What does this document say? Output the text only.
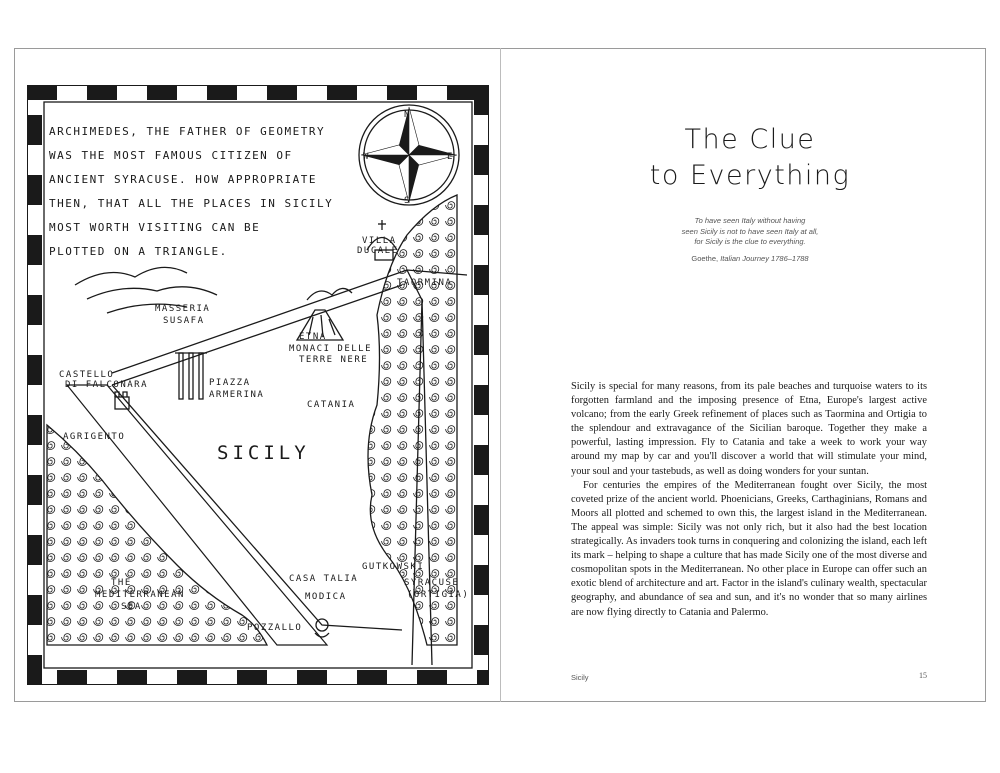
ARCHIMEDES, THE FATHER OF GEOMETRY
WAS THE MOST FAMOUS CITIZEN OF
ANCIENT SYRACUSE. HOW APPROPRIATE
THEN, THAT ALL THE PLACES IN SICILY
MOST WORTH VISITING CAN BE
PLOTTED ON A TRIANGLE.
N
S
E
W
VILLA
DUCALE
TAORMINA
MASSERIA
SUSAFA
ETNA
MONACI DELLE
TERRE NERE
CASTELLO
DI FALCONARA	PIAZZA
ARMERINA
CATANIA
AGRIGENTO
SICILY
THE
MEDITERRANEAN
SEA
CASA TALIA
GUTKOWSKI
SYRACUSE
(ORTIGIA)
MODICA
POZZALLO
The Clue
to Everything
To have seen Italy without having
seen Sicily is not to have seen Italy at all,
for Sicily is the clue to everything.
Goethe, Italian Journey 1786–1788

Sicily is special for many reasons, from its pale beaches and turquoise waters to its forgotten farmland and the imposing presence of Etna, Europe's largest active volcano; from the early Greek refinement of places such as Taormina and Ortigia to the splendour and extravagance of the Sicilian baroque. Together they make a powerful, lasting impression. Fly to Catania and take a week to work your way around my map by car and you'll discover a world that will stimulate your mind, your soul and your tastebuds, as well as doing wonders for your suntan.

For centuries the empires of the Mediterranean fought over Sicily, the most coveted prize of the ancient world. Phoenicians, Greeks, Carthaginians, Romans and Moors all plotted and schemed to own this, the largest island in the Mediterranean. The appeal was simple: Sicily was not only rich, but it also had the best location strategically. As invaders took turns in conquering and colonizing the island, each left its mark – helping to shape a culture that has made Sicily one of the most diverse and cosmopolitan spots in the Mediterranean. No other place in Europe can offer such an exotic blend of architecture and art. Factor in the island's culinary wealth, spectacular geography, and abundance of sea and sun, and it's no wonder that so many airlines are now flying directly to Catania and Palermo.

Sicily	15
